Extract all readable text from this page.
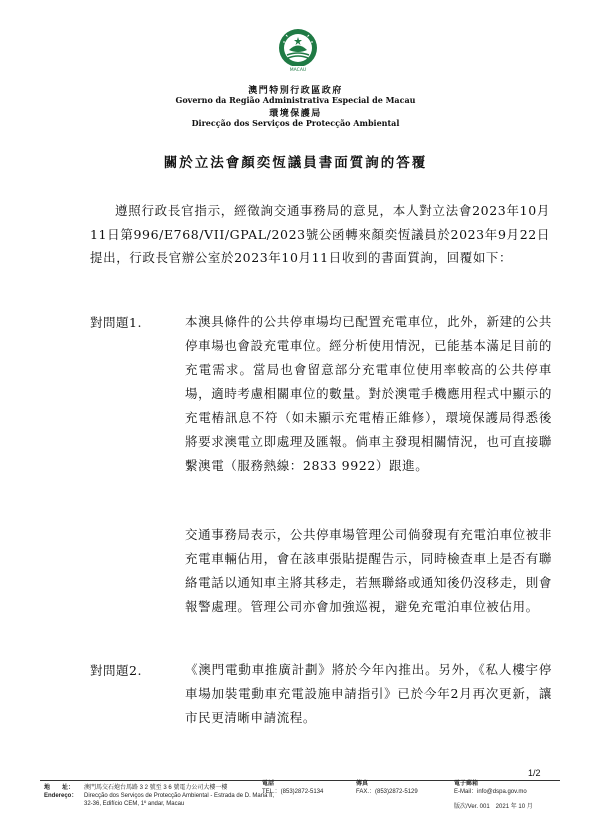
MACAU
澳門特別行政區政府
Governo da Região Administrativa Especial de Macau
環境保護局
Direcção dos Serviços de Protecção Ambiental
關於立法會顏奕恆議員書面質詢的答覆
遵照行政長官指示，經徵詢交通事務局的意見，本人對立法會2023年10月11日第996/E768/VII/GPAL/2023號公函轉來顏奕恆議員於2023年9月22日提出，行政長官辦公室於2023年10月11日收到的書面質詢，回覆如下：
對問題1.	本澳具條件的公共停車場均已配置充電車位，此外，新建的公共停車場也會設充電車位。經分析使用情況，已能基本滿足目前的充電需求。當局也會留意部分充電車位使用率較高的公共停車場，適時考慮相關車位的數量。對於澳電手機應用程式中顯示的充電樁訊息不符（如未顯示充電樁正維修），環境保護局得悉後將要求澳電立即處理及匯報。倘車主發現相關情況，也可直接聯繫澳電（服務熱線：2833 9922）跟進。
交通事務局表示，公共停車場管理公司倘發現有充電泊車位被非充電車輛佔用，會在該車張貼提醒告示，同時檢查車上是否有聯絡電話以通知車主將其移走，若無聯絡或通知後仍沒移走，則會報警處理。管理公司亦會加強巡視，避免充電泊車位被佔用。
對問題2.	《澳門電動車推廣計劃》將於今年內推出。另外，《私人樓宇停車場加裝電動車充電設施申請指引》已於今年2月再次更新，讓市民更清晰申請流程。
1/2
地　　址：
Endereço：
澳門馬交石炮台馬路 3 2 號至 3 6 號電力公司大樓一樓
Direcção dos Serviços de Protecção Ambiental - Estrada de D. Maria II,
32-36, Edifício CEM, 1º andar, Macau
電話
TEL.：(853)2872-5134
傳真
FAX.：(853)2872-5129
電子郵箱
E-Mail：info@dspa.gov.mo
版次/Ver. 001　2021 年 10 月
